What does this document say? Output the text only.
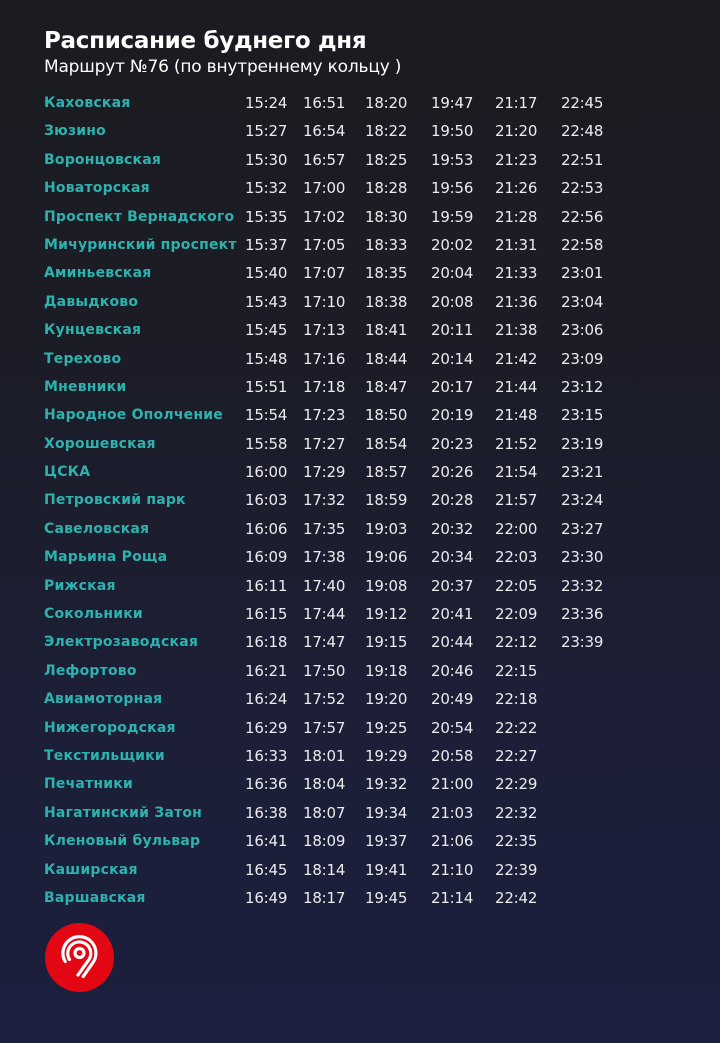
Расписание буднего дня
Маршрут №76 (по внутреннему кольцу )
Каховская	15:24 16:51 18:20 19:47 21:17 22:45
Зюзино	15:27 16:54 18:22 19:50 21:20 22:48
Воронцовская	15:30 16:57 18:25 19:53 21:23 22:51
Новаторская	15:32 17:00 18:28 19:56 21:26 22:53
Проспект Вернадского 15:35 17:02 18:30 19:59 21:28 22:56
Мичуринский проспект 15:37 17:05 18:33 20:02 21:31 22:58
Аминьевская	15:40 17:07 18:35 20:04 21:33 23:01
Давыдково	15:43 17:10 18:38 20:08 21:36 23:04
Кунцевская	15:45 17:13 18:41 20:11 21:38 23:06
Терехово	15:48 17:16 18:44 20:14 21:42 23:09
Мневники	15:51 17:18 18:47 20:17 21:44 23:12
Народное Ополчение 15:54 17:23 18:50 20:19 21:48 23:15
Хорошевская	15:58 17:27 18:54 20:23 21:52 23:19
ЦСКА	16:00 17:29 18:57 20:26 21:54 23:21
Петровский парк	16:03 17:32 18:59 20:28 21:57 23:24
Савеловская	16:06 17:35 19:03 20:32 22:00 23:27
Марьина Роща	16:09 17:38 19:06 20:34 22:03 23:30
Рижская	16:11 17:40 19:08 20:37 22:05 23:32
Сокольники	16:15 17:44 19:12 20:41 22:09 23:36
Электрозаводская	16:18 17:47 19:15 20:44 22:12 23:39
Лефортово	16:21 17:50 19:18 20:46 22:15
Авиамоторная	16:24 17:52 19:20 20:49 22:18
Нижегородская	16:29 17:57 19:25 20:54 22:22
Текстильщики	16:33 18:01 19:29 20:58 22:27
Печатники	16:36 18:04 19:32 21:00 22:29
Нагатинский Затон	16:38 18:07 19:34 21:03 22:32
Кленовый бульвар	16:41 18:09 19:37 21:06 22:35
Каширская	16:45 18:14 19:41 21:10 22:39
Варшавская	16:49 18:17 19:45 21:14 22:42
